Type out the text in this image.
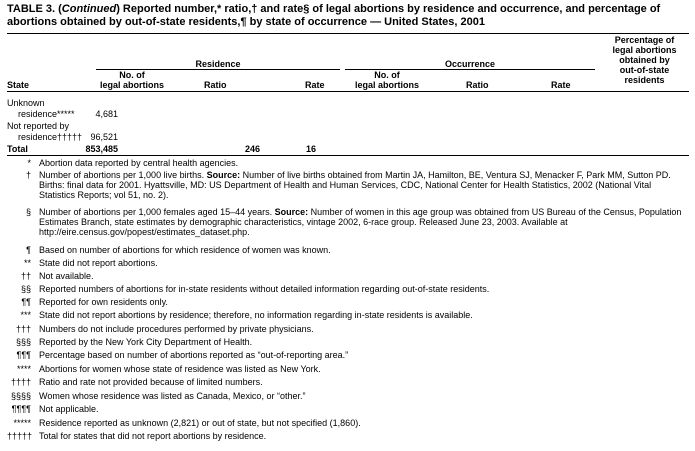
TABLE 3. (Continued) Reported number,* ratio,† and rate§ of legal abortions by residence and occurrence, and percentage of abortions obtained by out-of-state residents,¶ by state of occurrence — United States, 2001
Residence	Occurrence
Percentage of
legal abortions
obtained by
out-of-state
residents
State
No. of
legal abortions	Ratio	Rate
No. of
legal abortions	Ratio	Rate
Unknown
residence*****	4,681
Not reported by
residence††††† 96,521
Total	853,485	246	16
* Abortion data reported by central health agencies.
† Number of abortions per 1,000 live births. Source: Number of live births obtained from Martin JA, Hamilton, BE, Ventura SJ, Menacker F, Park MM, Sutton PD. Births: final data for 2001. Hyattsville, MD: US Department of Health and Human Services, CDC, National Center for Health Statistics, 2002 (National Vital Statistics Reports; vol 51, no. 2).
§ Number of abortions per 1,000 females aged 15–44 years. Source: Number of women in this age group was obtained from US Bureau of the Census, Population Estimates Branch, state estimates by demographic characteristics, vintage 2002, 6-race group. Released June 23, 2003. Available at http://eire.census.gov/popest/estimates_dataset.php.
¶ Based on number of abortions for which residence of women was known.
** State did not report abortions.
†† Not available.
§§ Reported numbers of abortions for in-state residents without detailed information regarding out-of-state residents.
¶¶ Reported for own residents only.
*** State did not report abortions by residence; therefore, no information regarding in-state residents is available.
††† Numbers do not include procedures performed by private physicians.
§§§ Reported by the New York City Department of Health.
¶¶¶ Percentage based on number of abortions reported as “out-of-reporting area.”
**** Abortions for women whose state of residence was listed as New York.
†††† Ratio and rate not provided because of limited numbers.
§§§§ Women whose residence was listed as Canada, Mexico, or “other.”
¶¶¶¶ Not applicable.
***** Residence reported as unknown (2,821) or out of state, but not specified (1,860).
††††† Total for states that did not report abortions by residence.
